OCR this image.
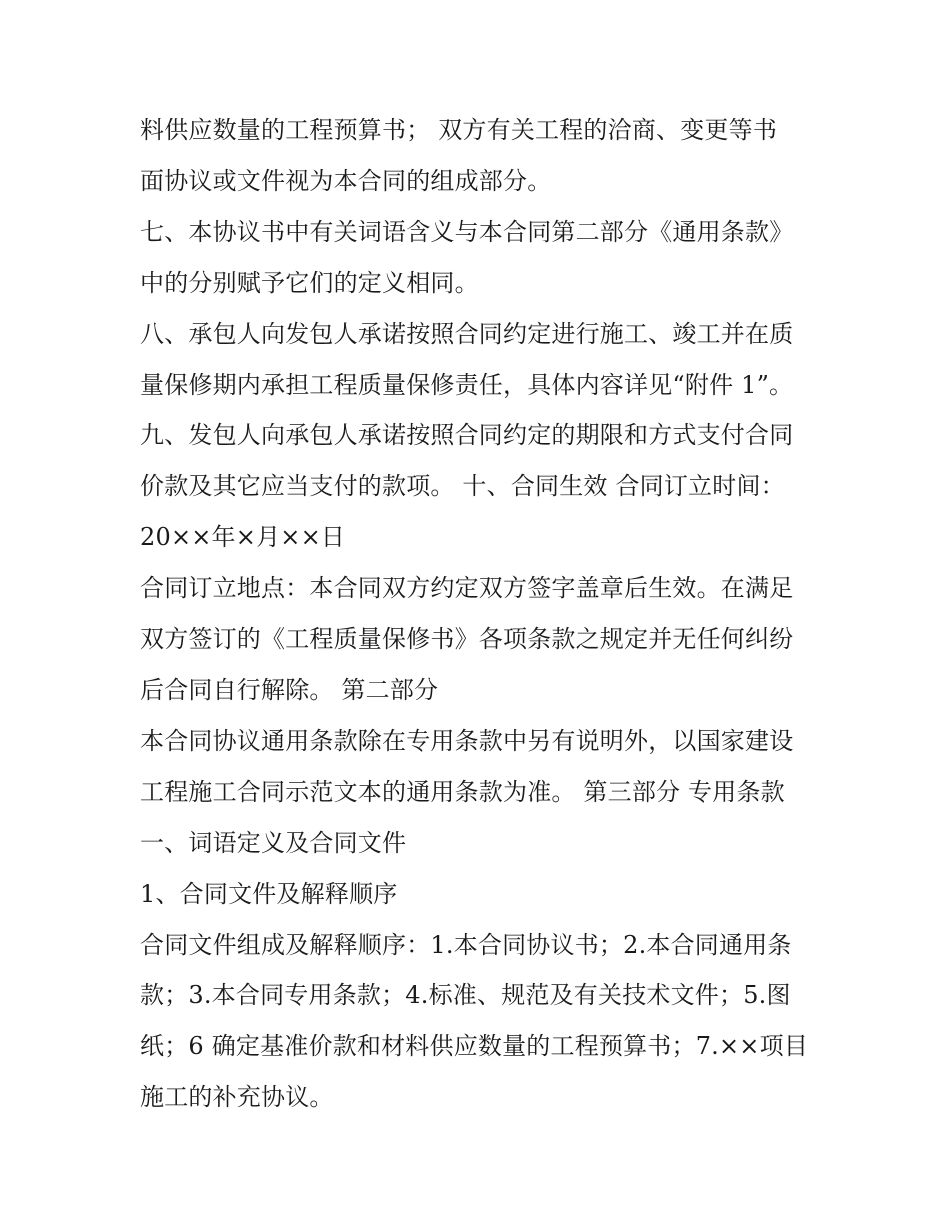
料供应数量的工程预算书； 双方有关工程的洽商、变更等书
面协议或文件视为本合同的组成部分。
七、本协议书中有关词语含义与本合同第二部分《通用条款》
中的分别赋予它们的定义相同。
八、承包人向发包人承诺按照合同约定进行施工、竣工并在质
量保修期内承担工程质量保修责任，具体内容详见“附件 1”。
九、发包人向承包人承诺按照合同约定的期限和方式支付合同
价款及其它应当支付的款项。 十、合同生效 合同订立时间：
20××年×月××日
合同订立地点：本合同双方约定双方签字盖章后生效。在满足
双方签订的《工程质量保修书》各项条款之规定并无任何纠纷
后合同自行解除。 第二部分
本合同协议通用条款除在专用条款中另有说明外，以国家建设
工程施工合同示范文本的通用条款为准。 第三部分 专用条款
一、词语定义及合同文件
1、合同文件及解释顺序
合同文件组成及解释顺序：1.本合同协议书；2.本合同通用条
款；3.本合同专用条款；4.标准、规范及有关技术文件；5.图
纸；6 确定基准价款和材料供应数量的工程预算书；7.××项目
施工的补充协议。
